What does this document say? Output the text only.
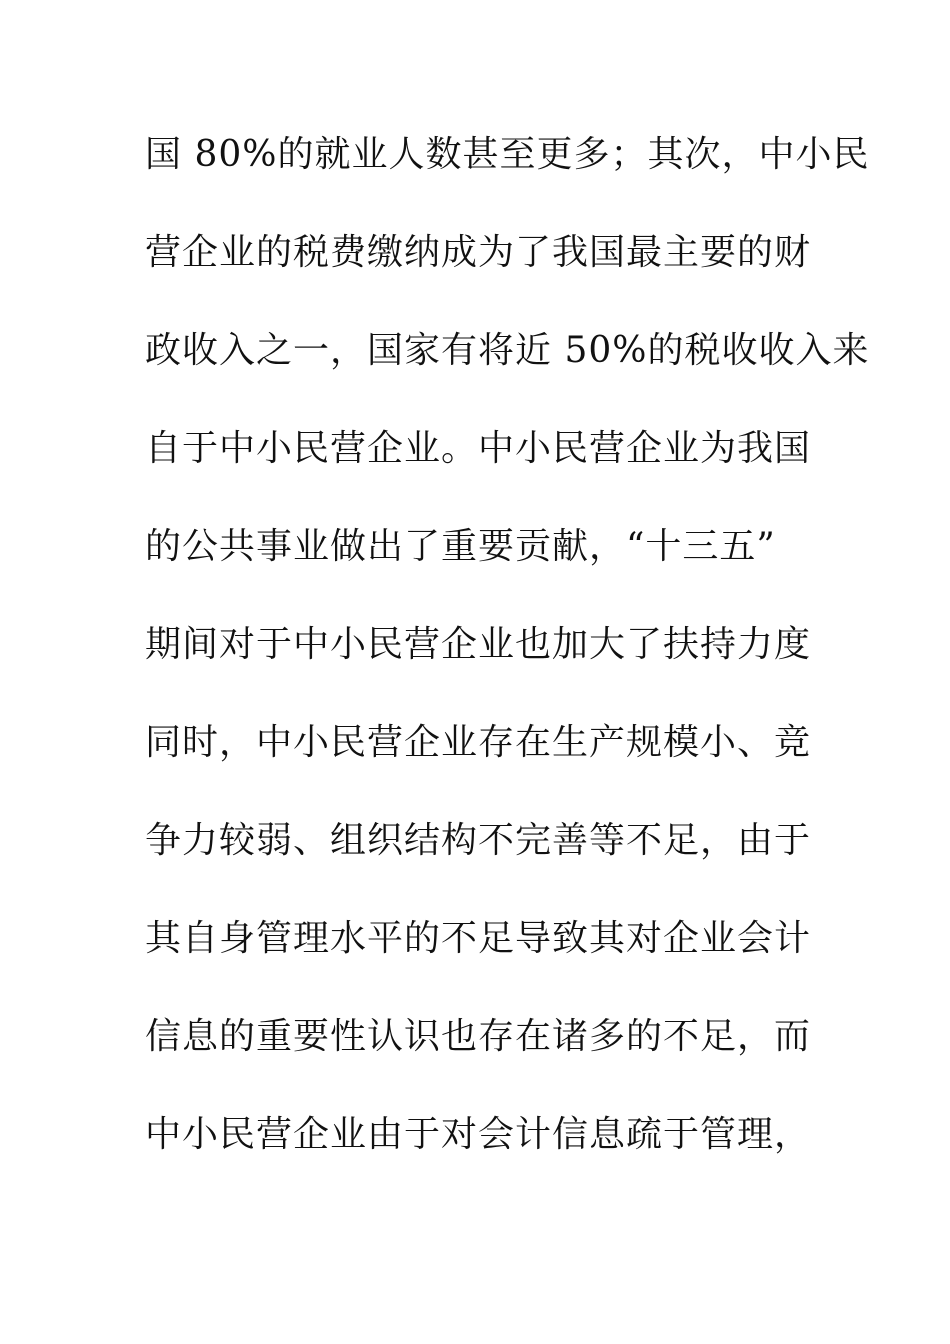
国 80%的就业人数甚至更多；其次，中小民
营企业的税费缴纳成为了我国最主要的财
政收入之一，国家有将近 50%的税收收入来
自于中小民营企业。中小民营企业为我国
的公共事业做出了重要贡献，“十三五”
期间对于中小民营企业也加大了扶持力度
同时，中小民营企业存在生产规模小、竞
争力较弱、组织结构不完善等不足，由于
其自身管理水平的不足导致其对企业会计
信息的重要性认识也存在诸多的不足，而
中小民营企业由于对会计信息疏于管理，
